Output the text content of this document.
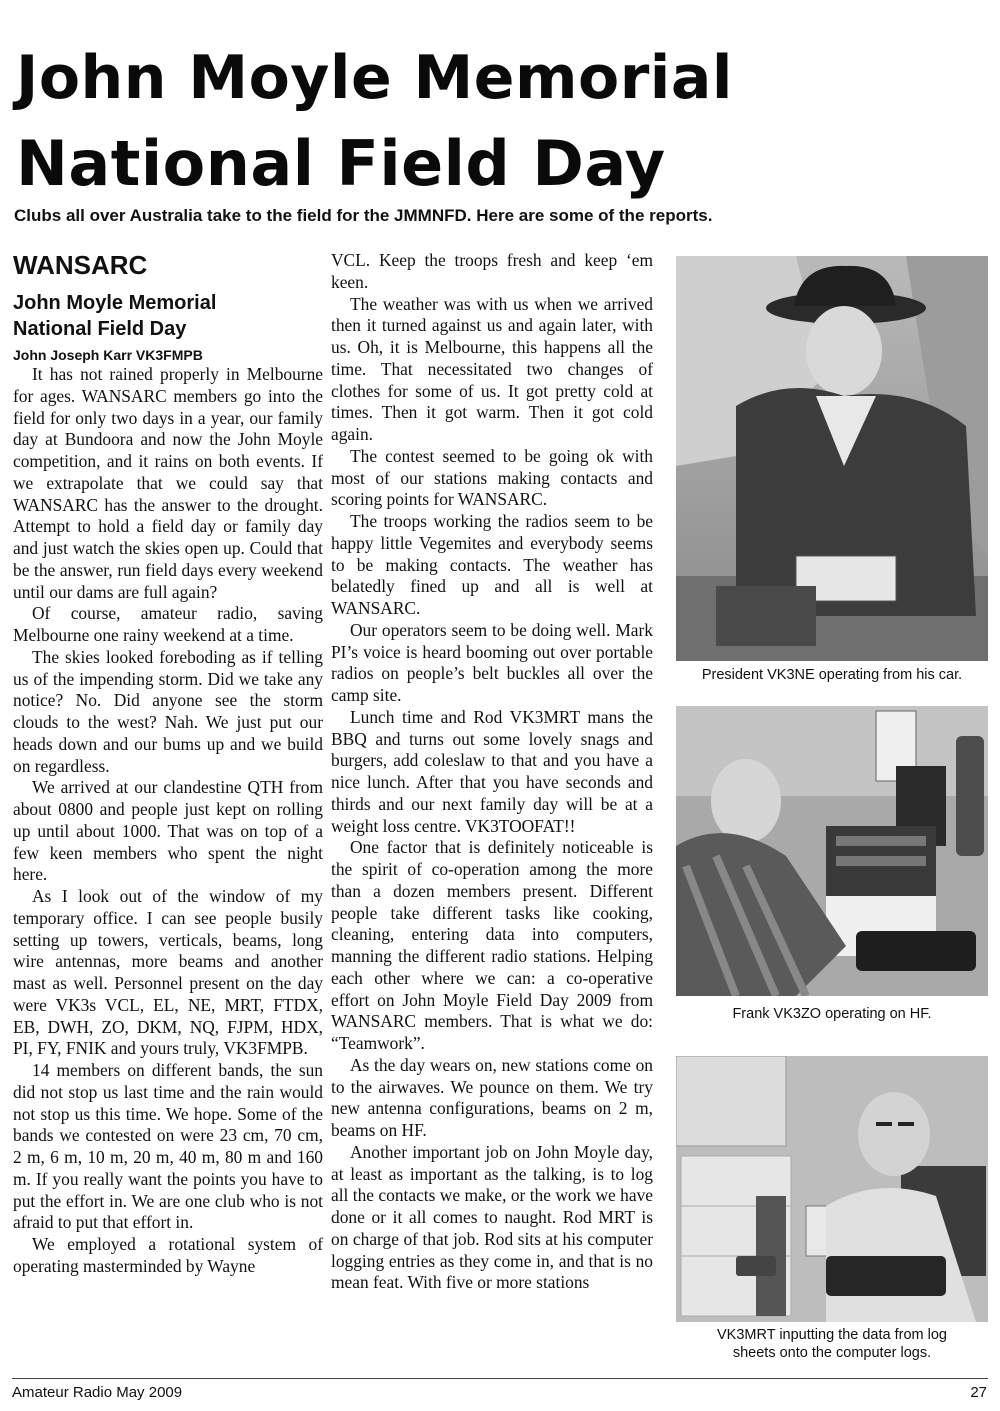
John Moyle Memorial
National Field Day

Clubs all over Australia take to the field for the JMMNFD. Here are some of the reports.

WANSARC
John Moyle Memorial
National Field Day
John Joseph Karr VK3FMPB

It has not rained properly in Melbourne for ages. WANSARC members go into the field for only two days in a year, our family day at Bundoora and now the John Moyle competition, and it rains on both events. If we extrapolate that we could say that WANSARC has the answer to the drought. Attempt to hold a field day or family day and just watch the skies open up. Could that be the answer, run field days every weekend until our dams are full again?

Of course, amateur radio, saving Melbourne one rainy weekend at a time.

The skies looked foreboding as if telling us of the impending storm. Did we take any notice? No. Did anyone see the storm clouds to the west? Nah. We just put our heads down and our bums up and we build on regardless.

We arrived at our clandestine QTH from about 0800 and people just kept on rolling up until about 1000. That was on top of a few keen members who spent the night here.

As I look out of the window of my temporary office. I can see people busily setting up towers, verticals, beams, long wire antennas, more beams and another mast as well. Personnel present on the day were VK3s VCL, EL, NE, MRT, FTDX, EB, DWH, ZO, DKM, NQ, FJPM, HDX, PI, FY, FNIK and yours truly, VK3FMPB.

14 members on different bands, the sun did not stop us last time and the rain would not stop us this time. We hope. Some of the bands we contested on were 23 cm, 70 cm, 2 m, 6 m, 10 m, 20 m, 40 m, 80 m and 160 m. If you really want the points you have to put the effort in. We are one club who is not afraid to put that effort in.

We employed a rotational system of operating masterminded by Wayne

VCL. Keep the troops fresh and keep ‘em keen.

The weather was with us when we arrived then it turned against us and again later, with us. Oh, it is Melbourne, this happens all the time. That necessitated two changes of clothes for some of us. It got pretty cold at times. Then it got warm. Then it got cold again.

The contest seemed to be going ok with most of our stations making contacts and scoring points for WANSARC.

The troops working the radios seem to be happy little Vegemites and everybody seems to be making contacts. The weather has belatedly fined up and all is well at WANSARC.

Our operators seem to be doing well. Mark PI’s voice is heard booming out over portable radios on people’s belt buckles all over the camp site.

Lunch time and Rod VK3MRT mans the BBQ and turns out some lovely snags and burgers, add coleslaw to that and you have a nice lunch. After that you have seconds and thirds and our next family day will be at a weight loss centre. VK3TOOFAT!!

One factor that is definitely noticeable is the spirit of co-operation among the more than a dozen members present. Different people take different tasks like cooking, cleaning, entering data into computers, manning the different radio stations. Helping each other where we can: a co-operative effort on John Moyle Field Day 2009 from WANSARC members. That is what we do: “Teamwork”.

As the day wears on, new stations come on to the airwaves. We pounce on them. We try new antenna configurations, beams on 2 m, beams on HF.

Another important job on John Moyle day, at least as important as the talking, is to log all the contacts we make, or the work we have done or it all comes to naught. Rod MRT is on charge of that job. Rod sits at his computer logging entries as they come in, and that is no mean feat. With five or more stations

President VK3NE operating from his car.
Frank VK3ZO operating on HF.
VK3MRT inputting the data from log
sheets onto the computer logs.
Amateur Radio May 2009	27
